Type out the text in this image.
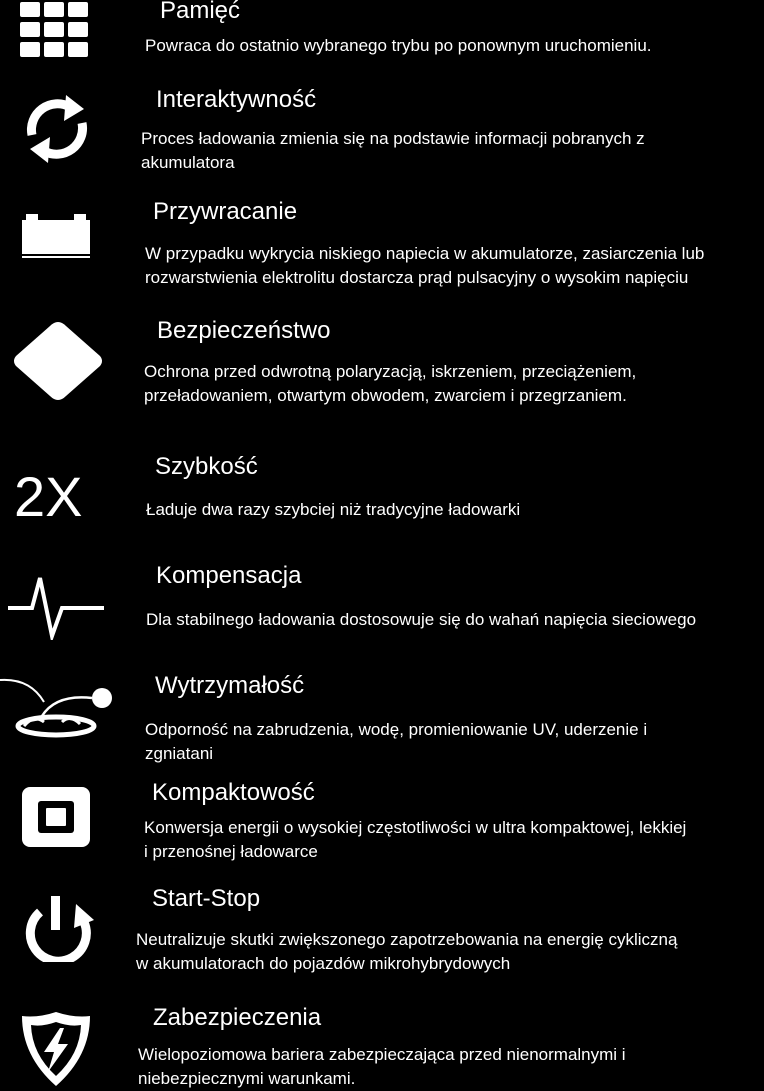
Pamięć
Powraca do ostatnio wybranego trybu po ponownym uruchomieniu.
Interaktywność
Proces ładowania zmienia się na podstawie informacji pobranych z
akumulatora
Przywracanie
W przypadku wykrycia niskiego napiecia w akumulatorze, zasiarczenia lub
rozwarstwienia elektrolitu dostarcza prąd pulsacyjny o wysokim napięciu
Bezpieczeństwo
Ochrona przed odwrotną polaryzacją, iskrzeniem, przeciążeniem,
przeładowaniem, otwartym obwodem, zwarciem i przegrzaniem.
2X	Szybkość
Ładuje dwa razy szybciej niż tradycyjne ładowarki
Kompensacja
Dla stabilnego ładowania dostosowuje się do wahań napięcia sieciowego
Wytrzymałość
Odporność na zabrudzenia, wodę, promieniowanie UV, uderzenie i
zgniatani
Kompaktowość
Konwersja energii o wysokiej częstotliwości w ultra kompaktowej, lekkiej
i przenośnej ładowarce
Start-Stop
Neutralizuje skutki zwiększonego zapotrzebowania na energię cykliczną
w akumulatorach do pojazdów mikrohybrydowych
Zabezpieczenia
Wielopoziomowa bariera zabezpieczająca przed nienormalnymi i
niebezpiecznymi warunkami.
